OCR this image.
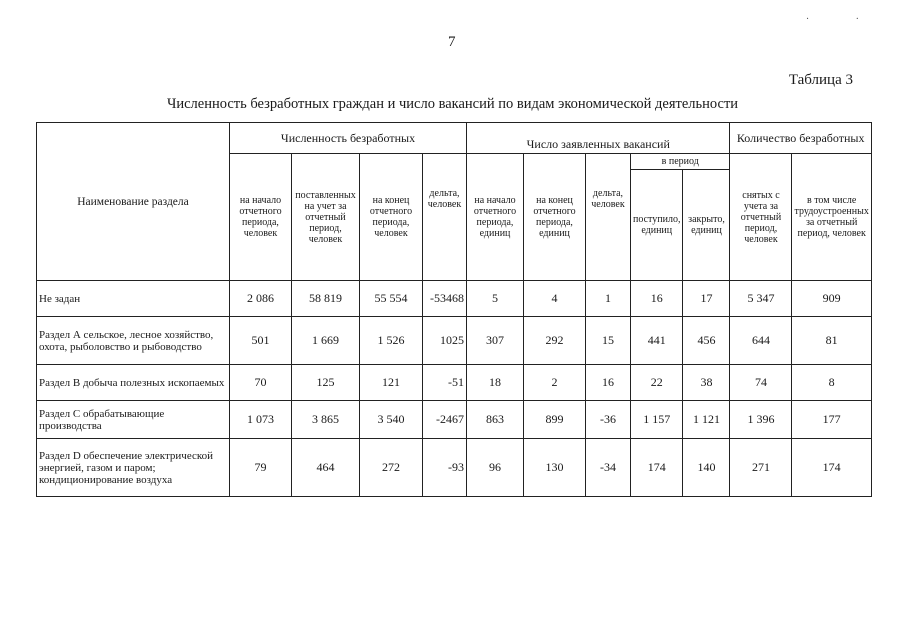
· ·
7
Таблица 3
Численность безработных граждан и число вакансий по видам экономической деятельности
Наименование раздела	Численность безработных				Число заявленных вакансий					Количество безработных	
	на начало отчетного периода, человек	поставленных на учет за отчетный период, человек	на конец отчетного периода, человек	дельта, человек	на начало отчетного периода, единиц	на конец отчетного периода, единиц	дельта, человек	в период		снятых с учета за отчетный период, человек	в том числе трудоустроенных за отчетный период, человек
								поступило, единиц	закрыто, единиц		
Не задан	2 086	58 819	55 554	-53468	5	4	1	16	17	5 347	909
Раздел А сельское, лесное хозяйство, охота, рыболовство и рыбоводство	501	1 669	1 526	1025	307	292	15	441	456	644	81
Раздел В добыча полезных ископаемых	70	125	121	-51	18	2	16	22	38	74	8
Раздел С обрабатывающие производства	1 073	3 865	3 540	-2467	863	899	-36	1 157	1 121	1 396	177
Раздел D обеспечение электрической энергией, газом и паром; кондиционирование воздуха	79	464	272	-93	96	130	-34	174	140	271	174
